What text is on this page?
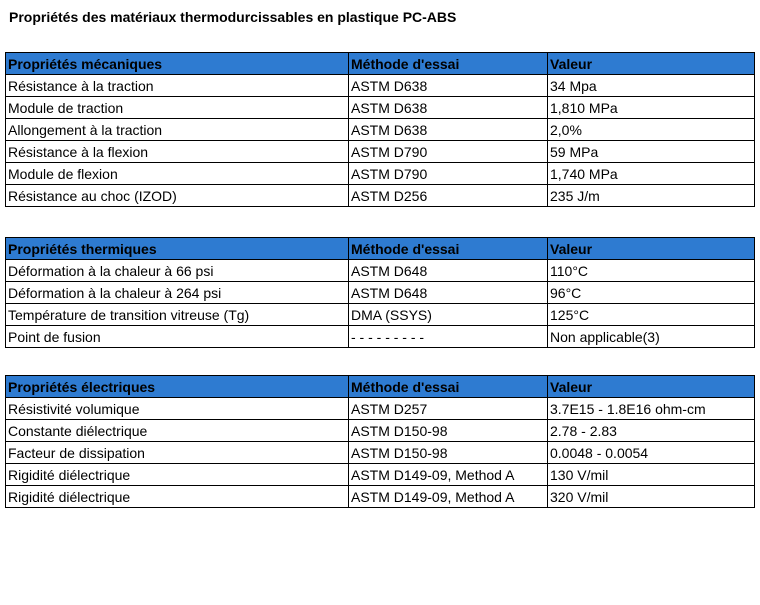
Propriétés des matériaux thermodurcissables en plastique PC-ABS
Propriétés mécaniques	Méthode d'essai	Valeur
Résistance à la traction	ASTM D638	34 Mpa
Module de traction	ASTM D638	1,810 MPa
Allongement à la traction	ASTM D638	2,0%
Résistance à la flexion	ASTM D790	59 MPa
Module de flexion	ASTM D790	1,740 MPa
Résistance au choc (IZOD)	ASTM D256	235 J/m
Propriétés thermiques	Méthode d'essai	Valeur
Déformation à la chaleur à 66 psi	ASTM D648	110°C
Déformation à la chaleur à 264 psi	ASTM D648	96°C
Température de transition vitreuse (Tg)	DMA (SSYS)	125°C
Point de fusion	- - - - - - - - -	Non applicable(3)
Propriétés électriques	Méthode d'essai	Valeur
Résistivité volumique	ASTM D257	3.7E15 - 1.8E16 ohm-cm
Constante diélectrique	ASTM D150-98	2.78 - 2.83
Facteur de dissipation	ASTM D150-98	0.0048 - 0.0054
Rigidité diélectrique	ASTM D149-09, Method A	130 V/mil
Rigidité diélectrique	ASTM D149-09, Method A	320 V/mil
